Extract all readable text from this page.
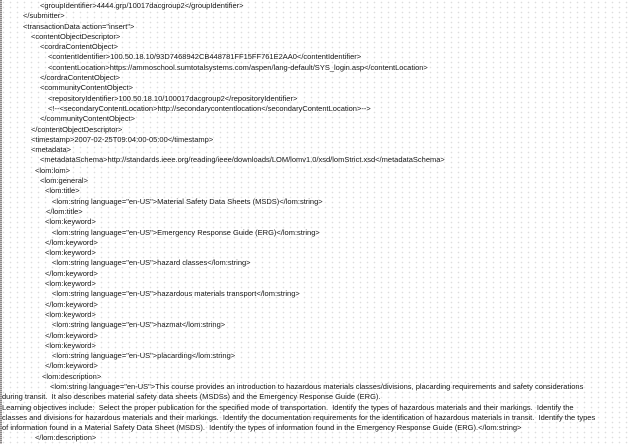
<groupIdentifier>4444.grp/10017dacgroup2</groupIdentifier>
</submitter>
<transactionData action="insert">
<contentObjectDescriptor>
<cordraContentObject>
<contentIdentifier>100.50.18.10/93D7468942CB448781FF15FF761E2AA0</contentIdentifier>
<contentLocation>https://ammoschool.sumtotalsystems.com/aspen/lang-default/SYS_login.asp</contentLocation>
</cordraContentObject>
<communityContentObject>
<repositoryIdentifier>100.50.18.10/100017dacgroup2</repositoryIdentifier>
<!--<secondaryContentLocation>http://secondarycontentlocation</secondaryContentLocation>-->
</communityContentObject>
</contentObjectDescriptor>
<timestamp>2007-02-25T09:04:00-05:00</timestamp>
<metadata>
<metadataSchema>http://standards.ieee.org/reading/ieee/downloads/LOM/lomv1.0/xsd/lomStrict.xsd</metadataSchema>
<lom:lom>
<lom:general>
<lom:title>
<lom:string language="en-US">Material Safety Data Sheets (MSDS)</lom:string>
</lom:title>
<lom:keyword>
<lom:string language="en-US">Emergency Response Guide (ERG)</lom:string>
</lom:keyword>
<lom:keyword>
<lom:string language="en-US">hazard classes</lom:string>
</lom:keyword>
<lom:keyword>
<lom:string language="en-US">hazardous materials transport</lom:string>
</lom:keyword>
<lom:keyword>
<lom:string language="en-US">hazmat</lom:string>
</lom:keyword>
<lom:keyword>
<lom:string language="en-US">placarding</lom:string>
</lom:keyword>
<lom:description>
<lom:string language="en-US">This course provides an introduction to hazardous materials classes/divisions, placarding requirements and safety considerations
during transit.  It also describes material safety data sheets (MSDSs) and the Emergency Response Guide (ERG).
Learning objectives include:  Select the proper publication for the specified mode of transportation.  Identify the types of hazardous materials and their markings.  Identify the
classes and divisions for hazardous materials and their markings.  Identify the documentation requirements for the identification of hazardous materials in transit.  Identify the types
of information found in a Material Safety Data Sheet (MSDS).  Identify the types of information found in the Emergency Response Guide (ERG).</lom:string>
</lom:description>
